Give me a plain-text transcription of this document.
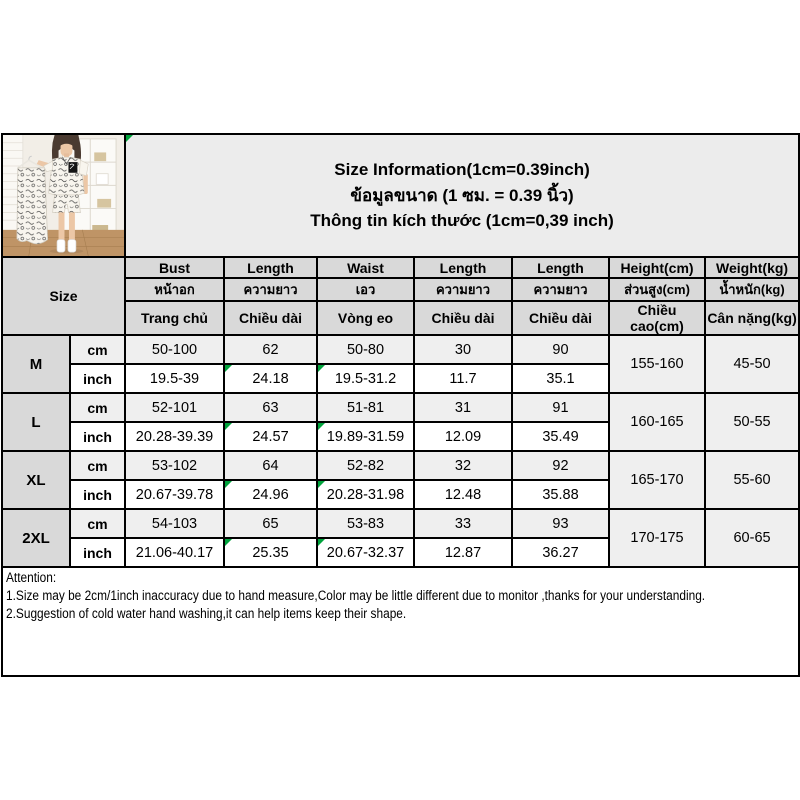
Size Information(1cm=0.39inch)
ข้อมูลขนาด (1 ซม. = 0.39 นิ้ว)
Thông tin kích thước (1cm=0,39 inch)						

Size		Bust	Length	Waist	Length	Length	Height(cm)	Weight(kg)
		หน้าอก	ความยาว	เอว	ความยาว	ความยาว	ส่วนสูง(cm)	น้ำหนัก(kg)
		Trang chủ	Chiều dài	Vòng eo	Chiều dài	Chiều dài	Chiều cao(cm)	Cân nặng(kg)
M	cm	50-100	62	50-80	30	90	155-160	45-50
	inch	19.5-39	24.18	19.5-31.2	11.7	35.1		
L	cm	52-101	63	51-81	31	91	160-165	50-55
	inch	20.28-39.39	24.57	19.89-31.59	12.09	35.49		
XL	cm	53-102	64	52-82	32	92	165-170	55-60
	inch	20.67-39.78	24.96	20.28-31.98	12.48	35.88		
2XL	cm	54-103	65	53-83	33	93	170-175	60-65
	inch	21.06-40.17	25.35	20.67-32.37	12.87	36.27		

Attention:
1.Size may be 2cm/1inch inaccuracy due to hand measure,Color may be little different due to monitor ,thanks for your understanding.
2.Suggestion of cold water hand washing,it can help items keep their shape.								
